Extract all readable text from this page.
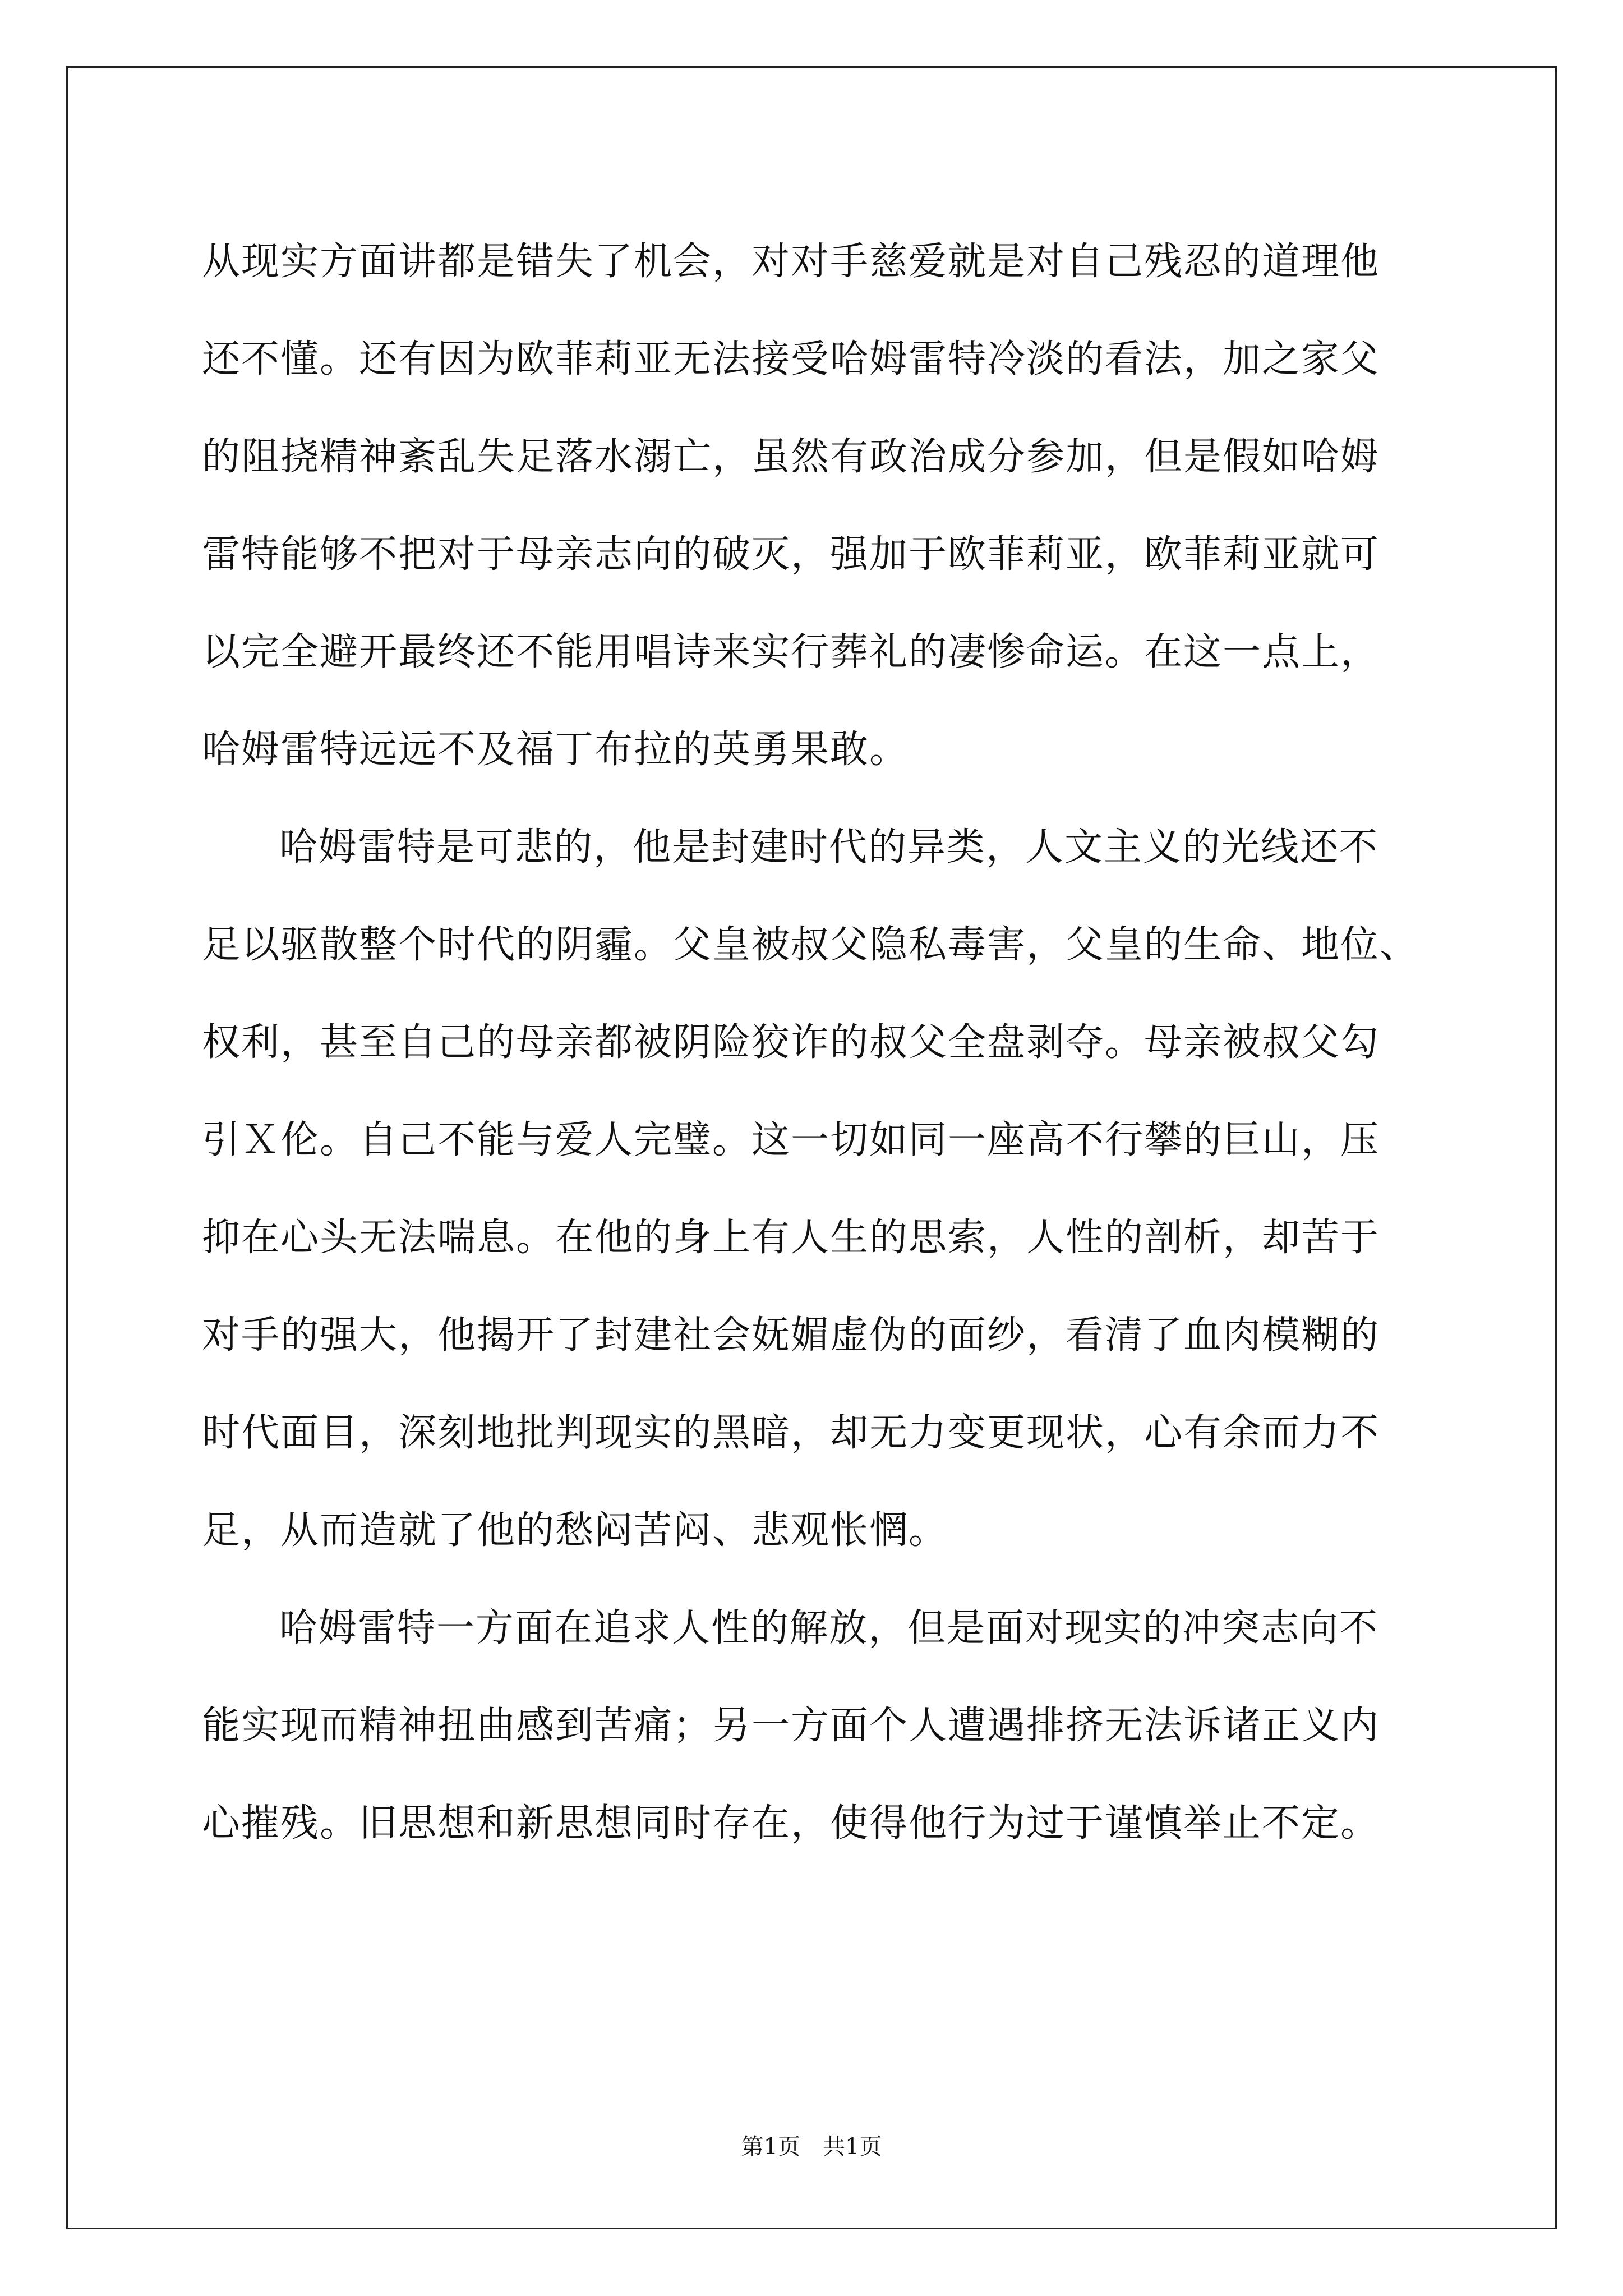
从现实方面讲都是错失了机会，对对手慈爱就是对自己残忍的道理他
还不懂。还有因为欧菲莉亚无法接受哈姆雷特冷淡的看法，加之家父
的阻挠精神紊乱失足落水溺亡，虽然有政治成分参加，但是假如哈姆
雷特能够不把对于母亲志向的破灭，强加于欧菲莉亚，欧菲莉亚就可
以完全避开最终还不能用唱诗来实行葬礼的凄惨命运。在这一点上，
哈姆雷特远远不及福丁布拉的英勇果敢。
哈姆雷特是可悲的，他是封建时代的异类，人文主义的光线还不
足以驱散整个时代的阴霾。父皇被叔父隐私毒害，父皇的生命、地位、
权利，甚至自己的母亲都被阴险狡诈的叔父全盘剥夺。母亲被叔父勾
引Ｘ伦。自己不能与爱人完璧。这一切如同一座高不行攀的巨山，压
抑在心头无法喘息。在他的身上有人生的思索，人性的剖析，却苦于
对手的强大，他揭开了封建社会妩媚虚伪的面纱，看清了血肉模糊的
时代面目，深刻地批判现实的黑暗，却无力变更现状，心有余而力不
足，从而造就了他的愁闷苦闷、悲观怅惘。
哈姆雷特一方面在追求人性的解放，但是面对现实的冲突志向不
能实现而精神扭曲感到苦痛；另一方面个人遭遇排挤无法诉诸正义内
心摧残。旧思想和新思想同时存在，使得他行为过于谨慎举止不定。
第1页　共1页
